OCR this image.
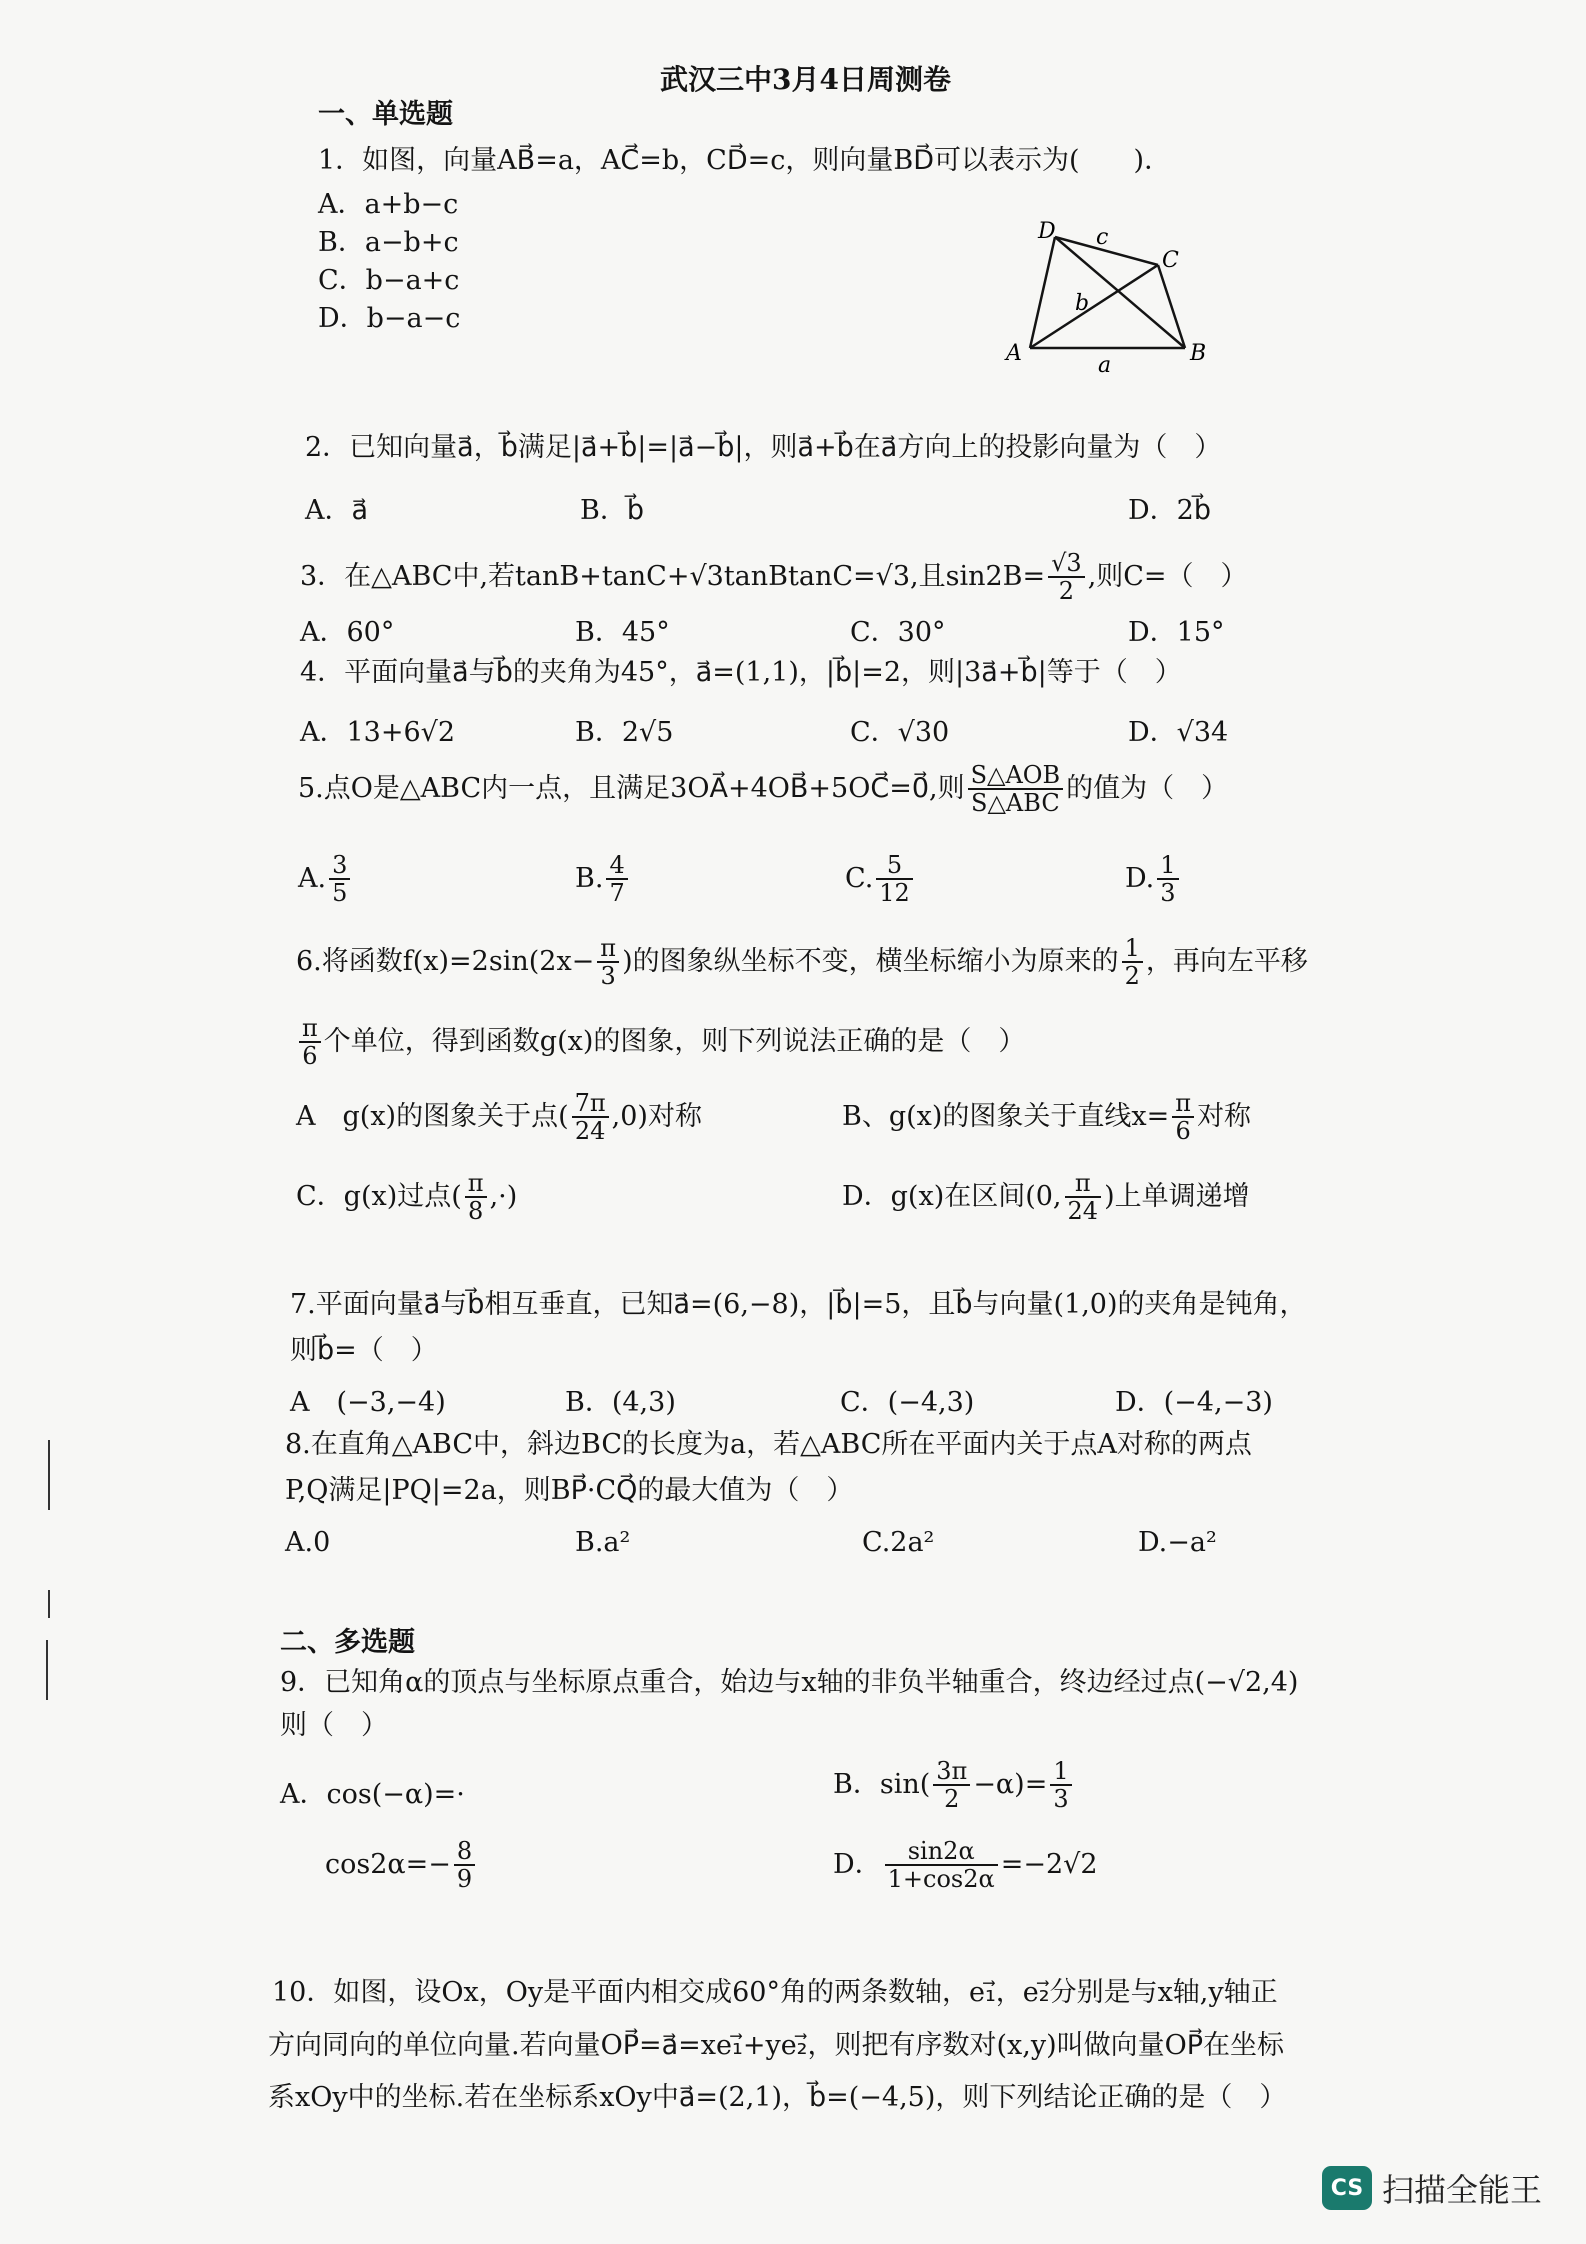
武汉三中3月4日周测卷
一、单选题
1．如图，向量AB⃗=a，AC⃗=b，CD⃗=c，则向量BD⃗可以表示为(　　)．
A．a+b−c
B．a−b+c
C．b−a+c
D．b−a−c
D c
C
b
A	a	B
2．已知向量a⃗，b⃗满足|a⃗+b⃗|=|a⃗−b⃗|，则a⃗+b⃗在a⃗方向上的投影向量为（　）
A．a⃗	B．b⃗	D．2b⃗
3．在△ABC中,若tanB+tanC+√3tanBtanC=√3,且$\sin 2B= \frac{√3}{2}$ ,则C=（　）
A．60°	B．45°	C．30°	D．15°
4．平面向量a⃗与b⃗的夹角为45°，a⃗=(1,1)，|b⃗|=2，则|3a⃗+b⃗|等于（　）
A．13+6√2	B．2√5	C．√30	D．√34
5.点O是△ABC内一点，且满足3OA⃗+4OB⃗+5OC⃗=0⃗,则 $\frac{\text{S△AOB}}{\text{S△ABC}}$ 的值为（　）
A. $\frac{3}{5}$	B. $\frac{4}{7}$	C. $\frac{5}{12}$	D. $\frac{1}{3}$
6.将函数$f(x)=2\sin(2x- \frac{\pi}{3}$ )的图象纵坐标不变，横坐标缩小为原来的 $\frac{1}{2}$ ，再向左平移
$\frac{\pi}{6}$ 个单位，得到函数g(x)的图象，则下列说法正确的是（　）
A　g(x)的图象关于点( $\frac{7\pi}{24} ,0$)对称	B、g(x)的图象关于直线$x= \frac{\pi}{6}$ 对称
C．g(x)过点( $\frac{\pi}{8}$ ,·)	D．g(x)在区间(0, $\frac{\pi}{24}$ )上单调递增
7.平面向量a⃗与b⃗相互垂直，已知a⃗=(6,−8)，|b⃗|=5，且b⃗与向量(1,0)的夹角是钝角，
则b⃗=（　）
A　(−3,−4)	B．(4,3)	C．(−4,3)	D．(−4,−3)
8.在直角△ABC中，斜边BC的长度为a，若△ABC所在平面内关于点A对称的两点
P,Q满足|PQ|=2a，则BP⃗·CQ⃗的最大值为（　）
A.0	B.a²	C.2a²	D.−a²
二、多选题
9．已知角α的顶点与坐标原点重合，始边与x轴的非负半轴重合，终边经过点(−√2,4)
则（　）
A．cos(−α)=·	B．$\sin( \frac{3\pi}{2} -\alpha)= \frac{1}{3}$
$\cos 2\alpha=- \frac{8}{9}$	D． $\frac{\sin 2\alpha}{1+\cos 2\alpha} =-2√2$
10．如图，设Ox，Oy是平面内相交成60°角的两条数轴，e₁⃗，e₂⃗分别是与x轴,y轴正
方向同向的单位向量.若向量OP⃗=a⃗=xe₁⃗+ye₂⃗，则把有序数对(x,y)叫做向量OP⃗在坐标
系xOy中的坐标.若在坐标系xOy中a⃗=(2,1)，b⃗=(−4,5)，则下列结论正确的是（　）
CS 扫描全能王
